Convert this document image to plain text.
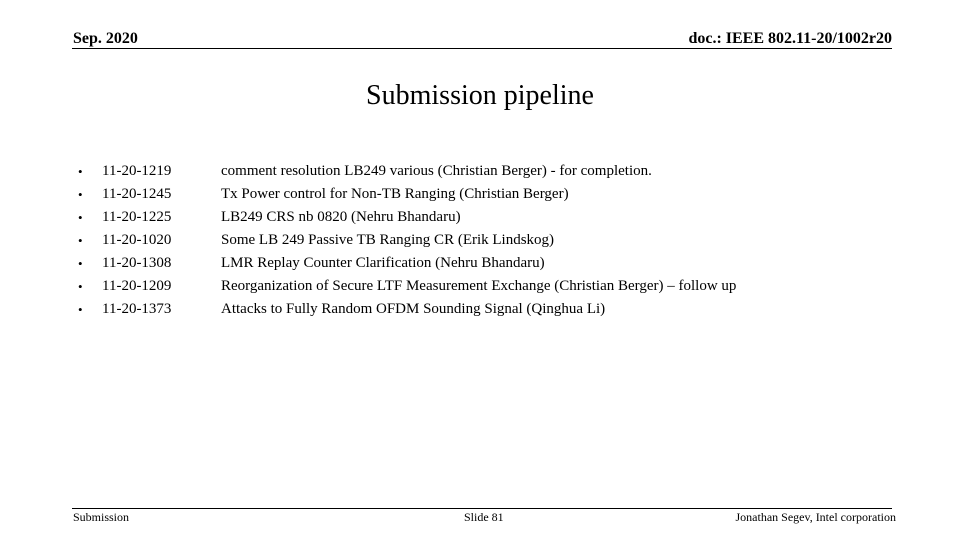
Sep. 2020	doc.: IEEE 802.11-20/1002r20
Submission pipeline
• 11-20-1219	comment resolution LB249 various (Christian Berger) - for completion.
• 11-20-1245	Tx Power control for Non-TB Ranging (Christian Berger)
• 11-20-1225	LB249 CRS nb 0820 (Nehru Bhandaru)
• 11-20-1020	Some LB 249 Passive TB Ranging CR (Erik Lindskog)
• 11-20-1308	LMR Replay Counter Clarification (Nehru Bhandaru)
• 11-20-1209	Reorganization of Secure LTF Measurement Exchange (Christian Berger) – follow up
• 11-20-1373	Attacks to Fully Random OFDM Sounding Signal (Qinghua Li)
Submission	Slide 81	Jonathan Segev, Intel corporation
